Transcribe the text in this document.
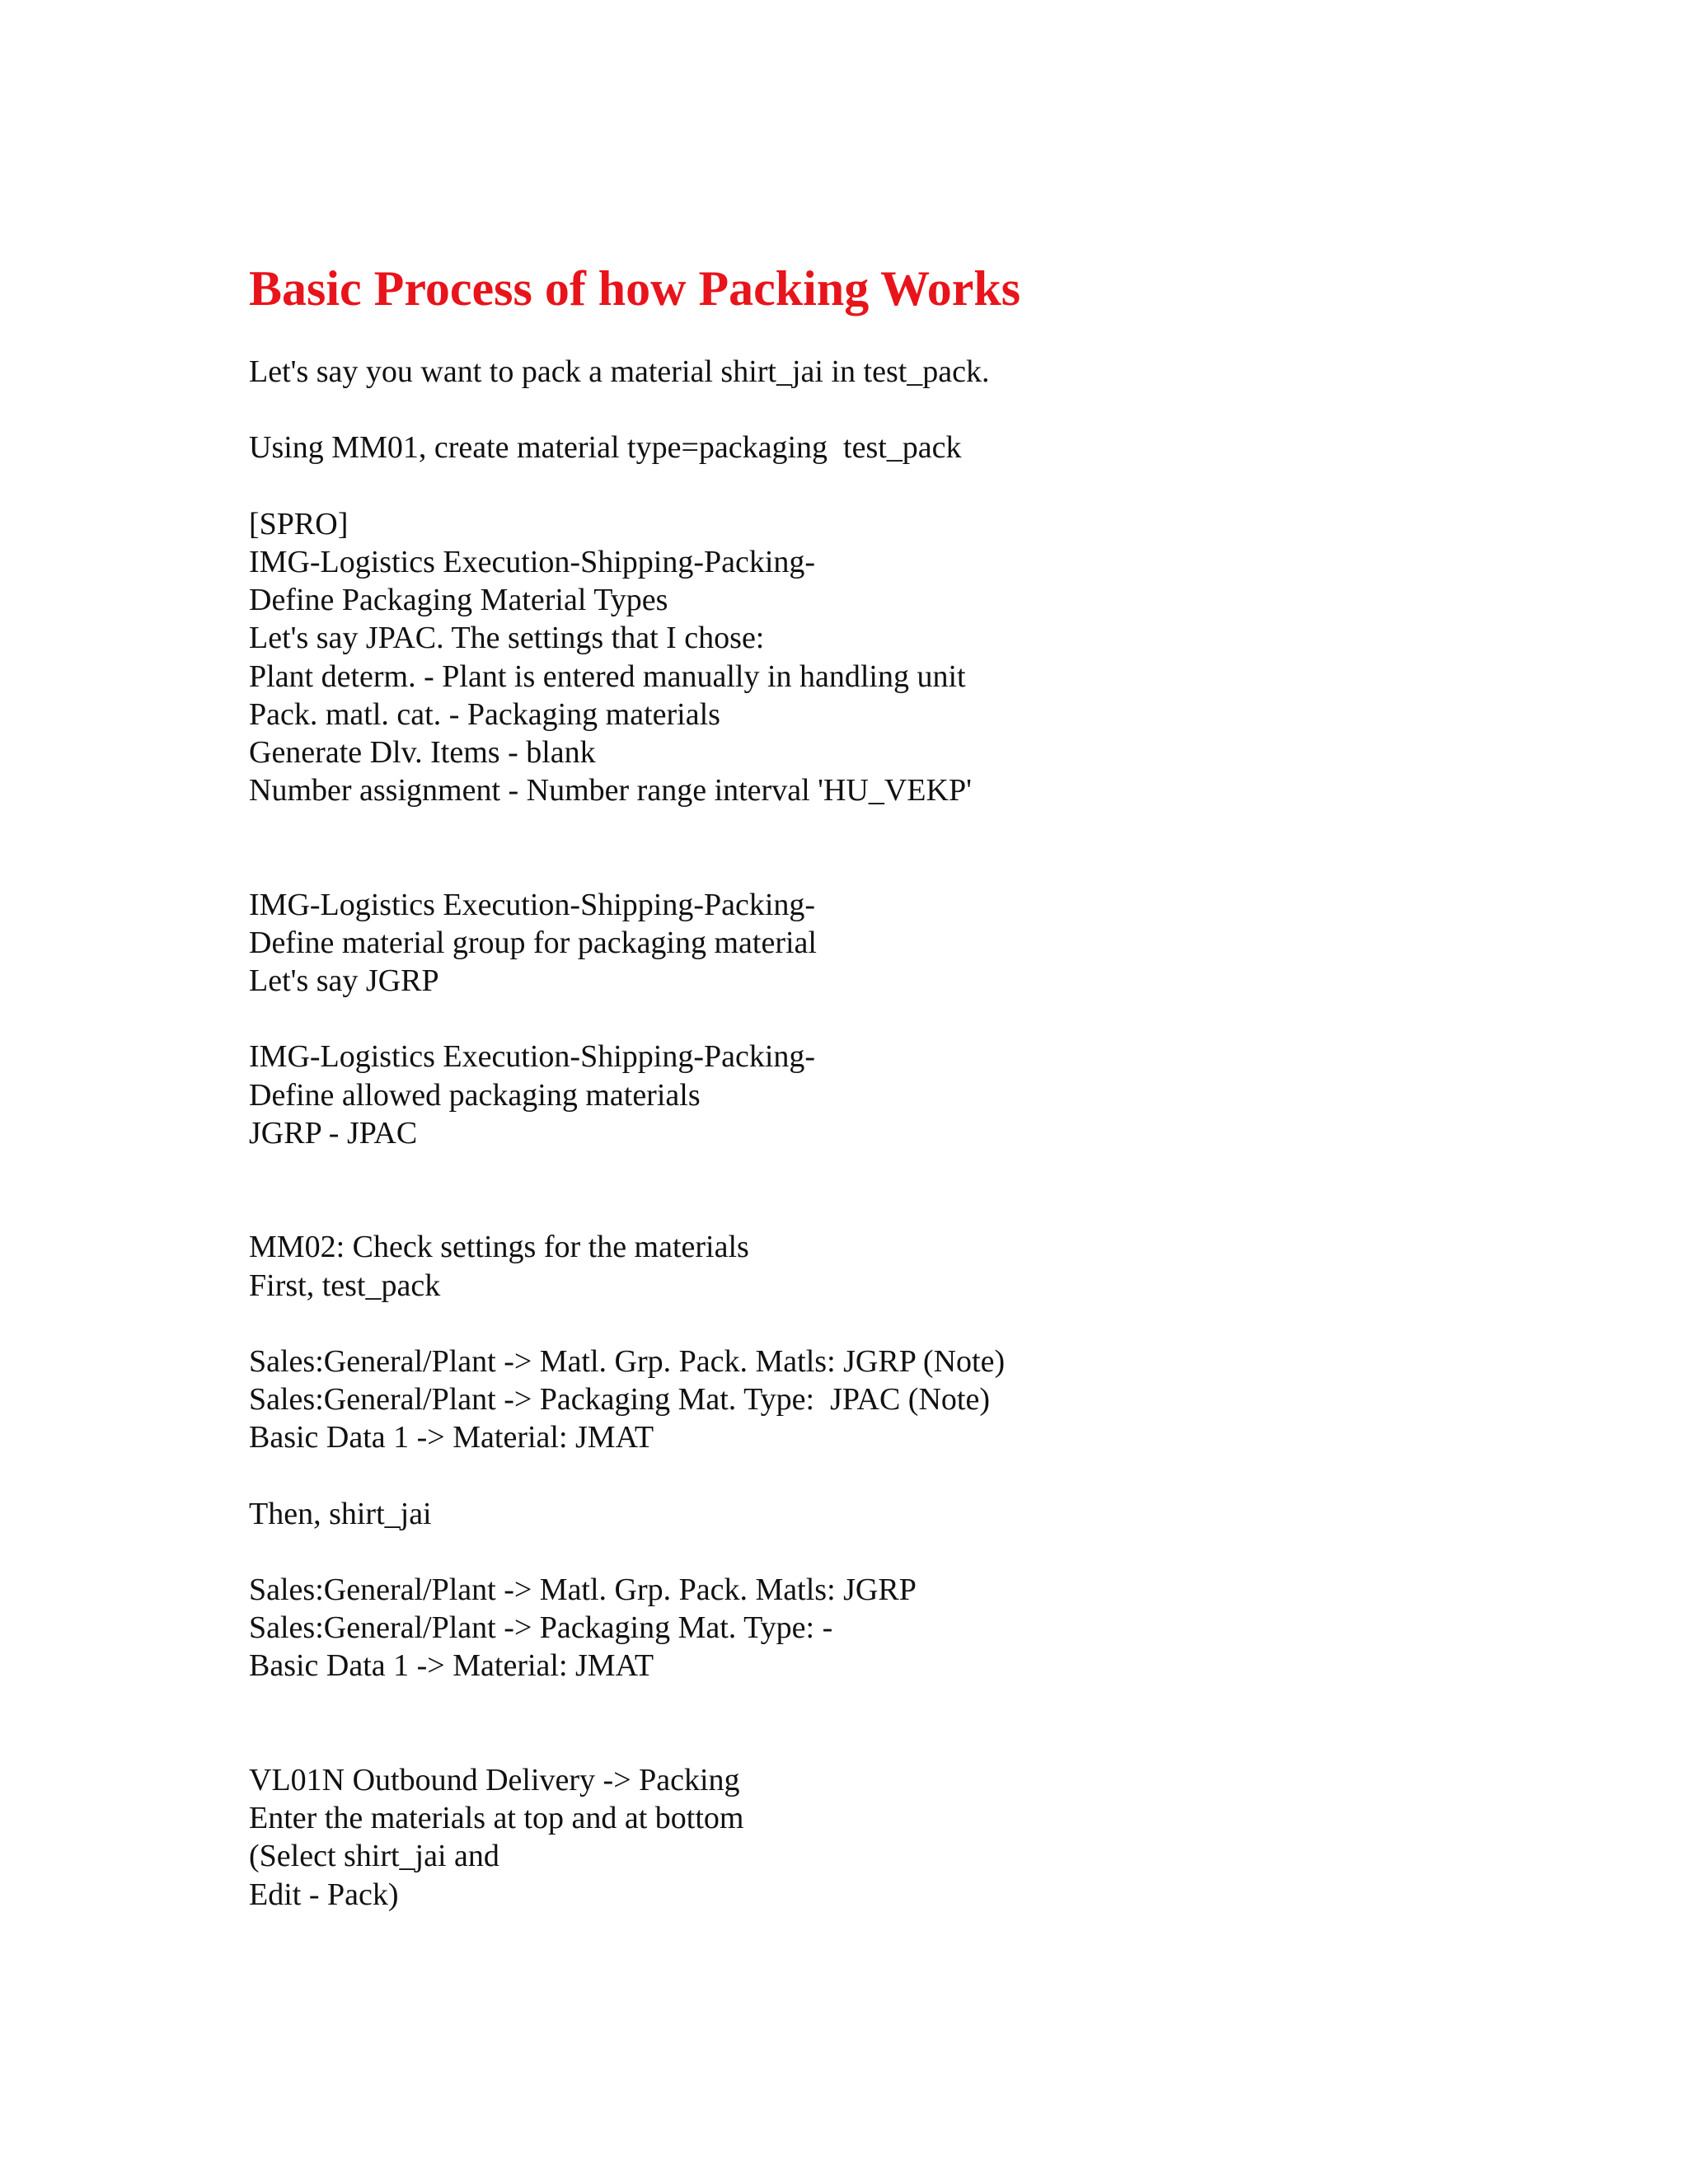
Basic Process of how Packing Works

Let's say you want to pack a material shirt_jai in test_pack.

Using MM01, create material type=packaging  test_pack

[SPRO]

IMG-Logistics Execution-Shipping-Packing-

Define Packaging Material Types

Let's say JPAC. The settings that I chose:

Plant determ. - Plant is entered manually in handling unit

Pack. matl. cat. - Packaging materials

Generate Dlv. Items - blank

Number assignment - Number range interval 'HU_VEKP'

IMG-Logistics Execution-Shipping-Packing-

Define material group for packaging material

Let's say JGRP

IMG-Logistics Execution-Shipping-Packing-

Define allowed packaging materials

JGRP - JPAC

MM02: Check settings for the materials

First, test_pack

Sales:General/Plant -> Matl. Grp. Pack. Matls: JGRP (Note)

Sales:General/Plant -> Packaging Mat. Type:  JPAC (Note)

Basic Data 1 -> Material: JMAT

Then, shirt_jai

Sales:General/Plant -> Matl. Grp. Pack. Matls: JGRP

Sales:General/Plant -> Packaging Mat. Type: -

Basic Data 1 -> Material: JMAT

VL01N Outbound Delivery -> Packing

Enter the materials at top and at bottom

(Select shirt_jai and

Edit - Pack)
